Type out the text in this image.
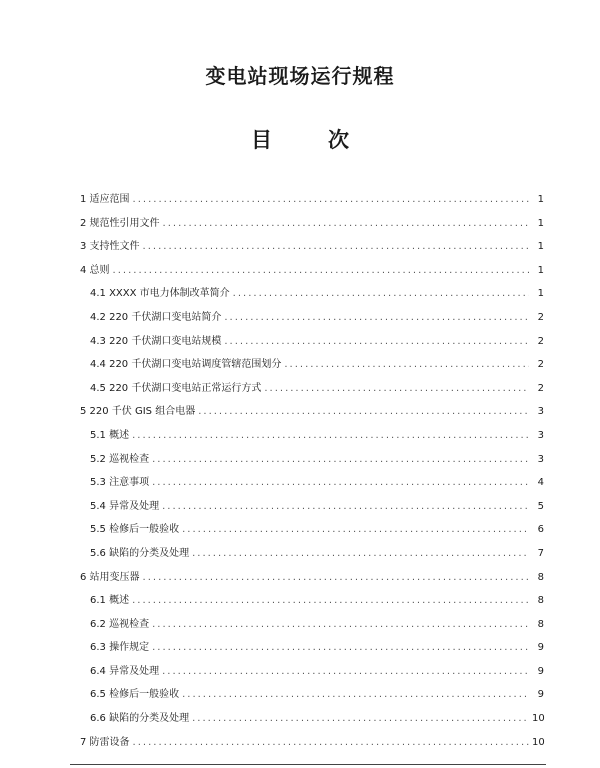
变电站现场运行规程
目	次
1 适应范围 .....	1
2 规范性引用文件 .....	1
3 支持性文件 .....	1
4 总则 .....	1
4.1 XXXX 市电力体制改革简介 .....	1
4.2 220 千伏湖口变电站简介 .....	2
4.3 220 千伏湖口变电站规模 .....	2
4.4 220 千伏湖口变电站调度管辖范围划分 .....	2
4.5 220 千伏湖口变电站正常运行方式 .....	2
5 220 千伏 GIS 组合电器 .....	3
5.1 概述 .....	3
5.2 巡视检查 .....	3
5.3 注意事项 .....	4
5.4 异常及处理 .....	5
5.5 检修后一般验收 .....	6
5.6 缺陷的分类及处理 .....	7
6 站用变压器 .....	8
6.1 概述 .....	8
6.2 巡视检查 .....	8
6.3 操作规定 .....	9
6.4 异常及处理 .....	9
6.5 检修后一般验收 .....	9
6.6 缺陷的分类及处理 .....	10
7 防雷设备 .....	10
